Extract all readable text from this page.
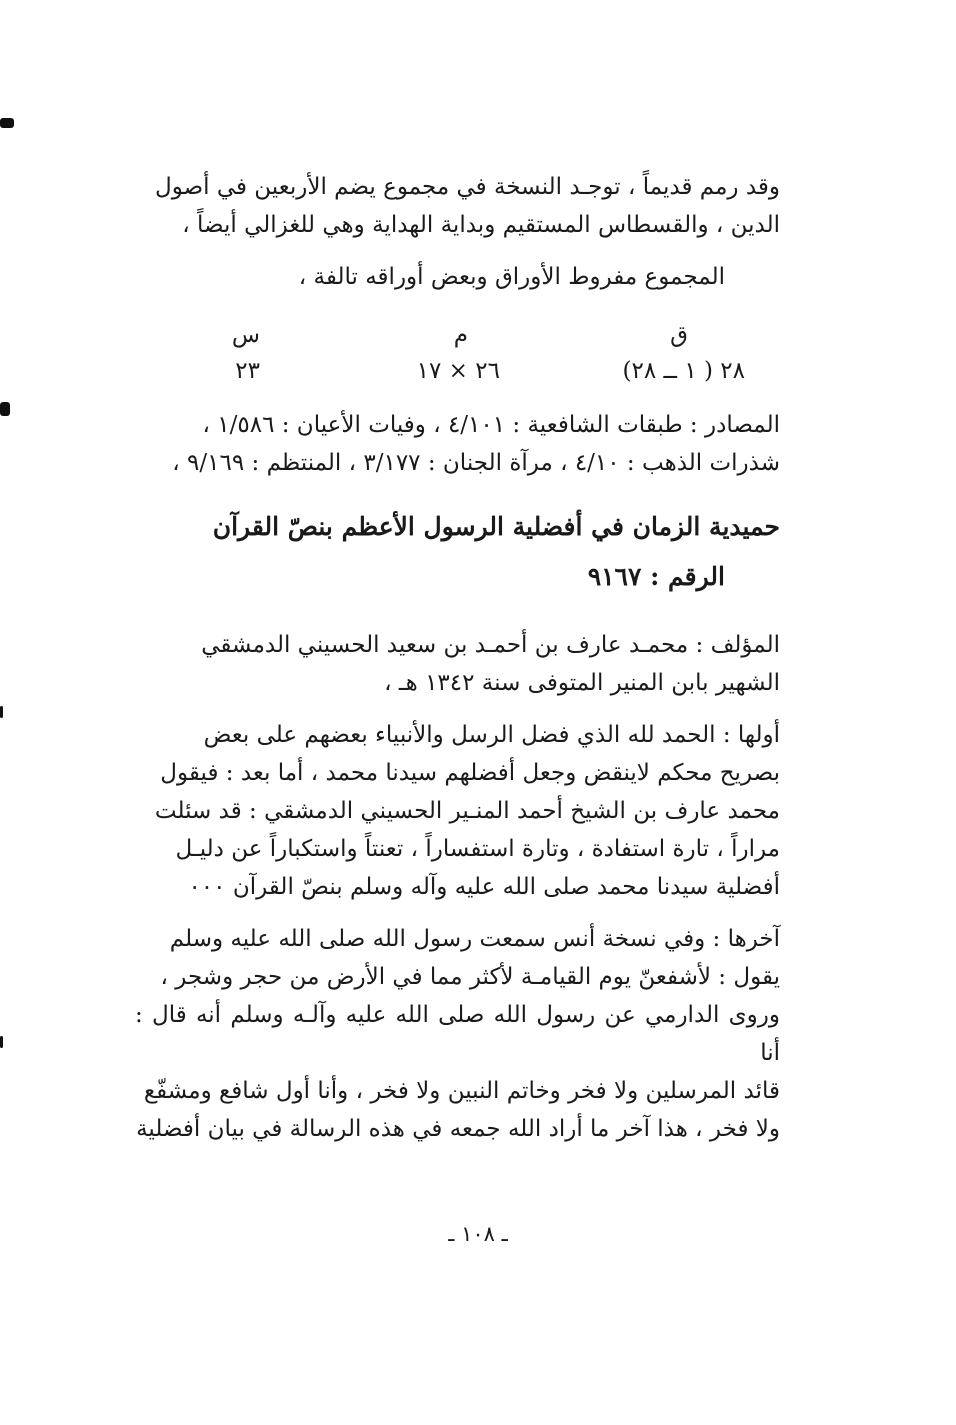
وقد رمم قديماً ، توجـد النسخة في مجموع يضم الأربعين في أصول

الدين ، والقسطاس المستقيم وبداية الهداية وهي للغزالي أيضاً ،

المجموع مفروط الأوراق وبعض أوراقه تالفة ،

ق
م
س
٢٨ ( ١ ــ ٢٨)
٢٦ × ١٧
٢٣

المصادر : طبقات الشافعية : ٤/١٠١ ، وفيات الأعيان : ١/٥٨٦ ،

شذرات الذهب : ٤/١٠ ، مرآة الجنان : ٣/١٧٧ ، المنتظم : ٩/١٦٩ ،

حميدية الزمان في أفضلية الرسول الأعظم بنصّ القرآن
الرقم : ٩١٦٧

المؤلف : محمـد عارف بن أحمـد بن سعيد الحسيني الدمشقي

الشهير بابن المنير المتوفى سنة ١٣٤٢ هـ ،

أولها : الحمد لله الذي فضل الرسل والأنبياء بعضهم على بعض

بصريح محكم لاينقض وجعل أفضلهم سيدنا محمد ، أما بعد : فيقول

محمد عارف بن الشيخ أحمد المنـير الحسيني الدمشقي : قد سئلت

مراراً ، تارة استفادة ، وتارة استفساراً ، تعنتاً واستكباراً عن دليـل

أفضلية سيدنا محمد صلى الله عليه وآله وسلم بنصّ القرآن ٠٠٠

آخرها : وفي نسخة أنس سمعت رسول الله صلى الله عليه وسلم

يقول : لأشفعنّ يوم القيامـة لأكثر مما في الأرض من حجر وشجر ،

وروى الدارمي عن رسول الله صلى الله عليه وآلـه وسلم أنه قال : أنا

قائد المرسلين ولا فخر وخاتم النبين ولا فخر ، وأنا أول شافع ومشفّع

ولا فخر ، هذا آخر ما أراد الله جمعه في هذه الرسالة في بيان أفضلية

ـ ١٠٨ ـ
